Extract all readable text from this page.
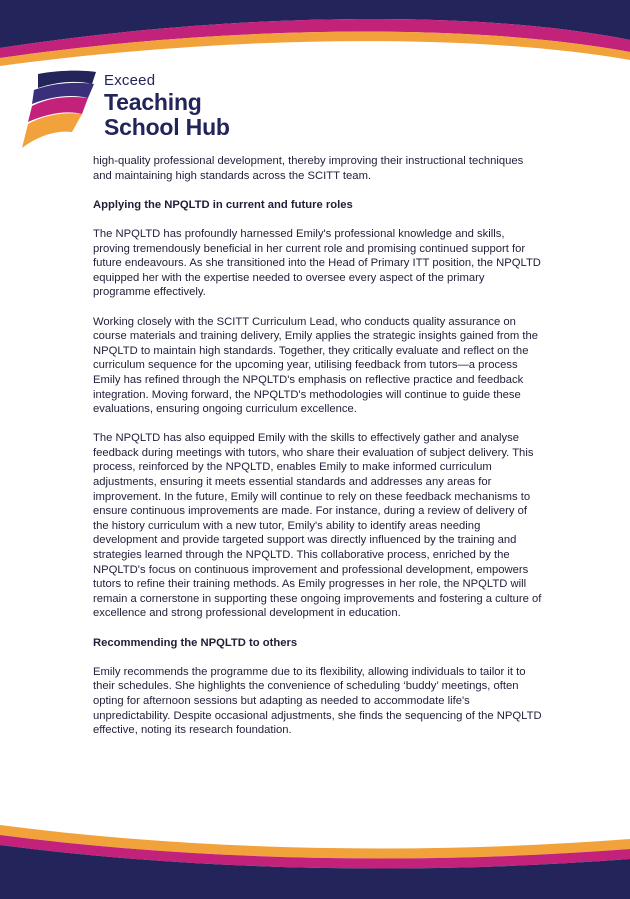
Exceed
Teaching
School Hub

high-quality professional development, thereby improving their instructional techniques and maintaining high standards across the SCITT team.

Applying the NPQLTD in current and future roles

The NPQLTD has profoundly harnessed Emily's professional knowledge and skills, proving tremendously beneficial in her current role and promising continued support for future endeavours. As she transitioned into the Head of Primary ITT position, the NPQLTD equipped her with the expertise needed to oversee every aspect of the primary programme effectively.

Working closely with the SCITT Curriculum Lead, who conducts quality assurance on course materials and training delivery, Emily applies the strategic insights gained from the NPQLTD to maintain high standards. Together, they critically evaluate and reflect on the curriculum sequence for the upcoming year, utilising feedback from tutors—a process Emily has refined through the NPQLTD's emphasis on reflective practice and feedback integration. Moving forward, the NPQLTD's methodologies will continue to guide these evaluations, ensuring ongoing curriculum excellence.

The NPQLTD has also equipped Emily with the skills to effectively gather and analyse feedback during meetings with tutors, who share their evaluation of subject delivery. This process, reinforced by the NPQLTD, enables Emily to make informed curriculum adjustments, ensuring it meets essential standards and addresses any areas for improvement. In the future, Emily will continue to rely on these feedback mechanisms to ensure continuous improvements are made. For instance, during a review of delivery of the history curriculum with a new tutor, Emily's ability to identify areas needing development and provide targeted support was directly influenced by the training and strategies learned through the NPQLTD. This collaborative process, enriched by the NPQLTD's focus on continuous improvement and professional development, empowers tutors to refine their training methods. As Emily progresses in her role, the NPQLTD will remain a cornerstone in supporting these ongoing improvements and fostering a culture of excellence and strong professional development in education.

Recommending the NPQLTD to others

Emily recommends the programme due to its flexibility, allowing individuals to tailor it to their schedules. She highlights the convenience of scheduling ‘buddy’ meetings, often opting for afternoon sessions but adapting as needed to accommodate life's unpredictability. Despite occasional adjustments, she finds the sequencing of the NPQLTD effective, noting its research foundation.
